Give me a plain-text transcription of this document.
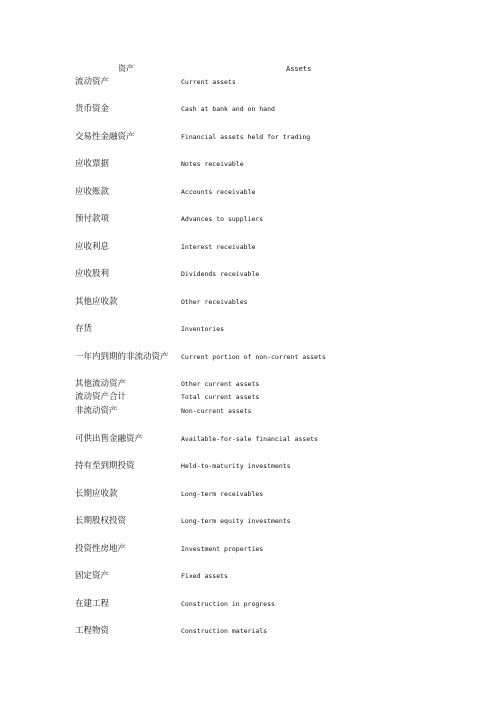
资产	Assets
流动资产	Current assets
货币资金	Cash at bank and on hand
交易性金融资产	Financial assets held for trading
应收票据	Notes receivable
应收账款	Accounts receivable
预付款项	Advances to suppliers
应收利息	Interest receivable
应收股利	Dividends receivable
其他应收款	Other receivables
存货	Inventories
一年内到期的非流动资产 Current portion of non-current assets
其他流动资产	Other current assets
流动资产合计	Total current assets
非流动资产	Non-current assets
可供出售金融资产	Available-for-sale financial assets
持有至到期投资	Held-to-maturity investments
长期应收款	Long-term receivables
长期股权投资	Long-term equity investments
投资性房地产	Investment properties
固定资产	Fixed assets
在建工程	Construction in progress
工程物资	Construction materials
